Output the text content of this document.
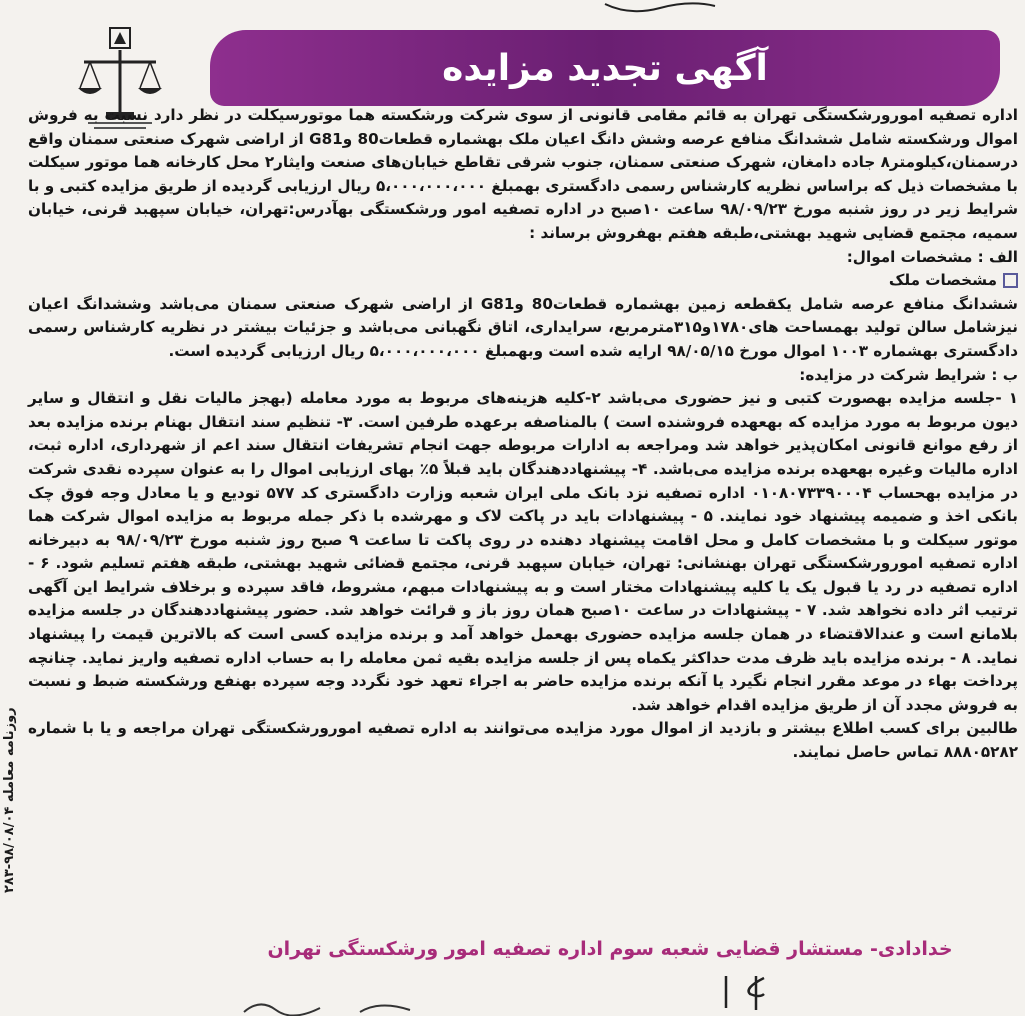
آگهی تجدید مزایده

اداره تصفیه امورورشکستگی تهران به قائم مقامی قانونی از سوی شرکت ورشکسته هما موتورسیکلت در نظر دارد نسبت به فروش اموال ورشکسته شامل ششدانگ منافع عرصه وشش دانگ اعیان ملک بهشماره قطعات80 وG81 از اراضی شهرک صنعتی سمنان واقع درسمنان،کیلومتر۸ جاده دامغان، شهرک صنعتی سمنان، جنوب شرقی تقاطع خیابان‌های صنعت وایثار۲ محل کارخانه هما موتور سیکلت با مشخصات ذیل که براساس نظریه کارشناس رسمی دادگستری بهمبلغ ۵،۰۰۰،۰۰۰،۰۰۰ ریال ارزیابی گردیده از طریق مزایده کتبی و با شرایط زیر در روز شنبه مورخ ۹۸/۰۹/۲۳ ساعت ۱۰صبح در اداره تصفیه امور ورشکستگی بهآدرس:تهران، خیابان سپهبد قرنی، خیابان سمیه، مجتمع قضایی شهید بهشتی،طبقه هفتم بهفروش برساند :

الف : مشخصات اموال:

مشخصات ملک

ششدانگ منافع عرصه شامل یکقطعه زمین بهشماره قطعات80 وG81 از اراضی شهرک صنعتی سمنان می‌باشد وششدانگ اعیان نیزشامل سالن تولید بهمساحت های۱۷۸۰و۳۱۵مترمربع، سرایداری، اتاق نگهبانی می‌باشد و جزئیات بیشتر در نظریه کارشناس رسمی دادگستری بهشماره ۱۰۰۳ اموال مورخ ۹۸/۰۵/۱۵ ارایه شده است وبهمبلغ ۵،۰۰۰،۰۰۰،۰۰۰ ریال ارزیابی گردیده است.

ب : شرایط شرکت در مزایده:

۱ -جلسه مزایده بهصورت کتبی و نیز حضوری می‌باشد ۲-کلیه هزینه‌های مربوط به مورد معامله (بهجز مالیات نقل و انتقال و سایر دیون مربوط به مورد مزایده که بهعهده فروشنده است ) بالمناصفه برعهده طرفین است. ۳- تنظیم سند انتقال بهنام برنده مزایده بعد از رفع موانع قانونی امکان‌پذیر خواهد شد ومراجعه به ادارات مربوطه جهت انجام تشریفات انتقال سند اعم از شهرداری، اداره ثبت، اداره مالیات وغیره بهعهده برنده مزایده می‌باشد. ۴- پیشنهاددهندگان باید قبلاً ۵٪ بهای ارزیابی اموال را به عنوان سپرده نقدی شرکت در مزایده بهحساب ۰۱۰۸۰۷۳۳۹۰۰۰۴ اداره تصفیه نزد بانک ملی ایران شعبه وزارت دادگستری کد ۵۷۷ تودیع و یا معادل وجه فوق چک بانکی اخذ و ضمیمه پیشنهاد خود نمایند. ۵ - پیشنهادات باید در پاکت لاک و مهرشده با ذکر جمله مربوط به مزایده اموال شرکت هما موتور سیکلت و با مشخصات کامل و محل اقامت پیشنهاد دهنده در روی پاکت تا ساعت ۹ صبح روز شنبه مورخ ۹۸/۰۹/۲۳ به دبیرخانه اداره تصفیه امورورشکستگی تهران بهنشانی: تهران، خیابان سپهبد قرنی، مجتمع قضائی شهید بهشتی، طبقه هفتم تسلیم شود. ۶ - اداره تصفیه در رد یا قبول یک یا کلیه پیشنهادات مختار است و به پیشنهادات مبهم، مشروط، فاقد سپرده و برخلاف شرایط این آگهی ترتیب اثر داده نخواهد شد. ۷ - پیشنهادات در ساعت ۱۰صبح همان روز باز و قرائت خواهد شد. حضور پیشنهاددهندگان در جلسه مزایده بلامانع است و عندالاقتضاء در همان جلسه مزایده حضوری بهعمل خواهد آمد و برنده مزایده کسی است که بالاترین قیمت را پیشنهاد نماید. ۸ - برنده مزایده باید ظرف مدت حداکثر یکماه پس از جلسه مزایده بقیه ثمن معامله را به حساب اداره تصفیه واریز نماید. چنانچه پرداخت بهاء در موعد مقرر انجام نگیرد یا آنکه برنده مزایده حاضر به اجراء تعهد خود نگردد وجه سپرده بهنفع ورشکسته ضبط و نسبت به فروش مجدد آن از طریق مزایده اقدام خواهد شد.

طالبین برای کسب اطلاع بیشتر و بازدید از اموال مورد مزایده می‌توانند به اداره تصفیه امورورشکستگی تهران مراجعه و یا با شماره ۸۸۸۰۵۲۸۲ تماس حاصل نمایند.

خدادادی- مستشار قضایی شعبه سوم اداره تصفیه امور ورشکستگی تهران
روزنامه معامله ۹۸/۰۸/۰۴-۲۸۳
